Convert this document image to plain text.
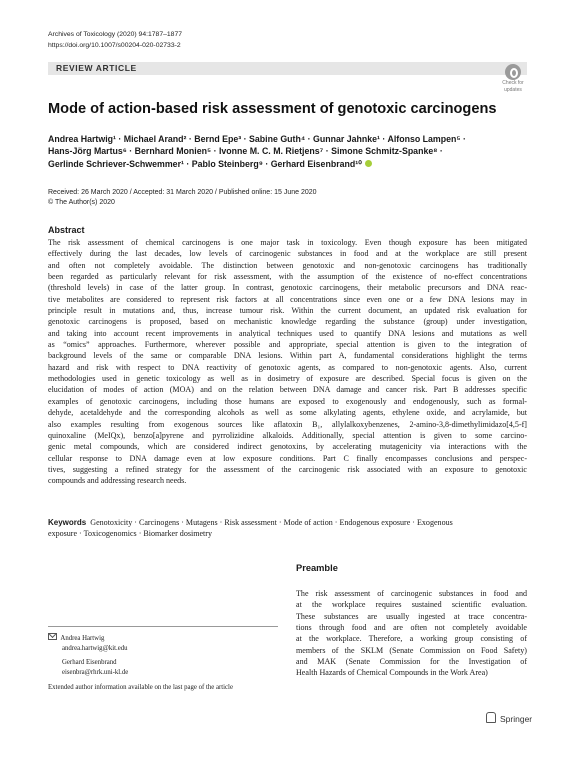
Archives of Toxicology (2020) 94:1787–1877
https://doi.org/10.1007/s00204-020-02733-2
REVIEW ARTICLE
Check for
updates
Mode of action-based risk assessment of genotoxic carcinogens
Andrea Hartwig¹ · Michael Arand² · Bernd Epe³ · Sabine Guth⁴ · Gunnar Jahnke¹ · Alfonso Lampen⁵ ·
Hans‑Jörg Martus⁶ · Bernhard Monien⁵ · Ivonne M. C. M. Rietjens⁷ · Simone Schmitz‑Spanke⁸ ·
Gerlinde Schriever‑Schwemmer¹ · Pablo Steinberg⁹ · Gerhard Eisenbrand¹⁰
Received: 26 March 2020 / Accepted: 31 March 2020 / Published online: 15 June 2020
© The Author(s) 2020
Abstract

The risk assessment of chemical carcinogens is one major task in toxicology. Even though exposure has been mitigated

effectively during the last decades, low levels of carcinogenic substances in food and at the workplace are still present

and often not completely avoidable. The distinction between genotoxic and non-genotoxic carcinogens has traditionally

been regarded as particularly relevant for risk assessment, with the assumption of the existence of no-effect concentrations

(threshold levels) in case of the latter group. In contrast, genotoxic carcinogens, their metabolic precursors and DNA reac-

tive metabolites are considered to represent risk factors at all concentrations since even one or a few DNA lesions may in

principle result in mutations and, thus, increase tumour risk. Within the current document, an updated risk evaluation for

genotoxic carcinogens is proposed, based on mechanistic knowledge regarding the substance (group) under investigation,

and taking into account recent improvements in analytical techniques used to quantify DNA lesions and mutations as well

as “omics” approaches. Furthermore, wherever possible and appropriate, special attention is given to the integration of

background levels of the same or comparable DNA lesions. Within part A, fundamental considerations highlight the terms

hazard and risk with respect to DNA reactivity of genotoxic agents, as compared to non-genotoxic agents. Also, current

methodologies used in genetic toxicology as well as in dosimetry of exposure are described. Special focus is given on the

elucidation of modes of action (MOA) and on the relation between DNA damage and cancer risk. Part B addresses specific

examples of genotoxic carcinogens, including those humans are exposed to exogenously and endogenously, such as formal-

dehyde, acetaldehyde and the corresponding alcohols as well as some alkylating agents, ethylene oxide, and acrylamide, but

also examples resulting from exogenous sources like aflatoxin B₁, allylalkoxybenzenes, 2-amino-3,8-dimethylimidazo[4,5-f]

quinoxaline (MeIQx), benzo[a]pyrene and pyrrolizidine alkaloids. Additionally, special attention is given to some carcino-

genic metal compounds, which are considered indirect genotoxins, by accelerating mutagenicity via interactions with the

cellular response to DNA damage even at low exposure conditions. Part C finally encompasses conclusions and perspec-

tives, suggesting a refined strategy for the assessment of the carcinogenic risk associated with an exposure to genotoxic

compounds and addressing research needs.

Keywords Genotoxicity · Carcinogens · Mutagens · Risk assessment · Mode of action · Endogenous exposure · Exogenous
exposure · Toxicogenomics · Biomarker dosimetry
Preamble

The risk assessment of carcinogenic substances in food and

at the workplace requires sustained scientific evaluation.

These substances are usually ingested at trace concentra-

tions through food and are often not completely avoidable

at the workplace. Therefore, a working group consisting of

members of the SKLM (Senate Commission on Food Safety)

and MAK (Senate Commission for the Investigation of

Health Hazards of Chemical Compounds in the Work Area)

Andrea Hartwig
andrea.hartwig@kit.edu
Gerhard Eisenbrand
eisenbra@rhrk.uni-kl.de
Extended author information available on the last page of the article
Springer
